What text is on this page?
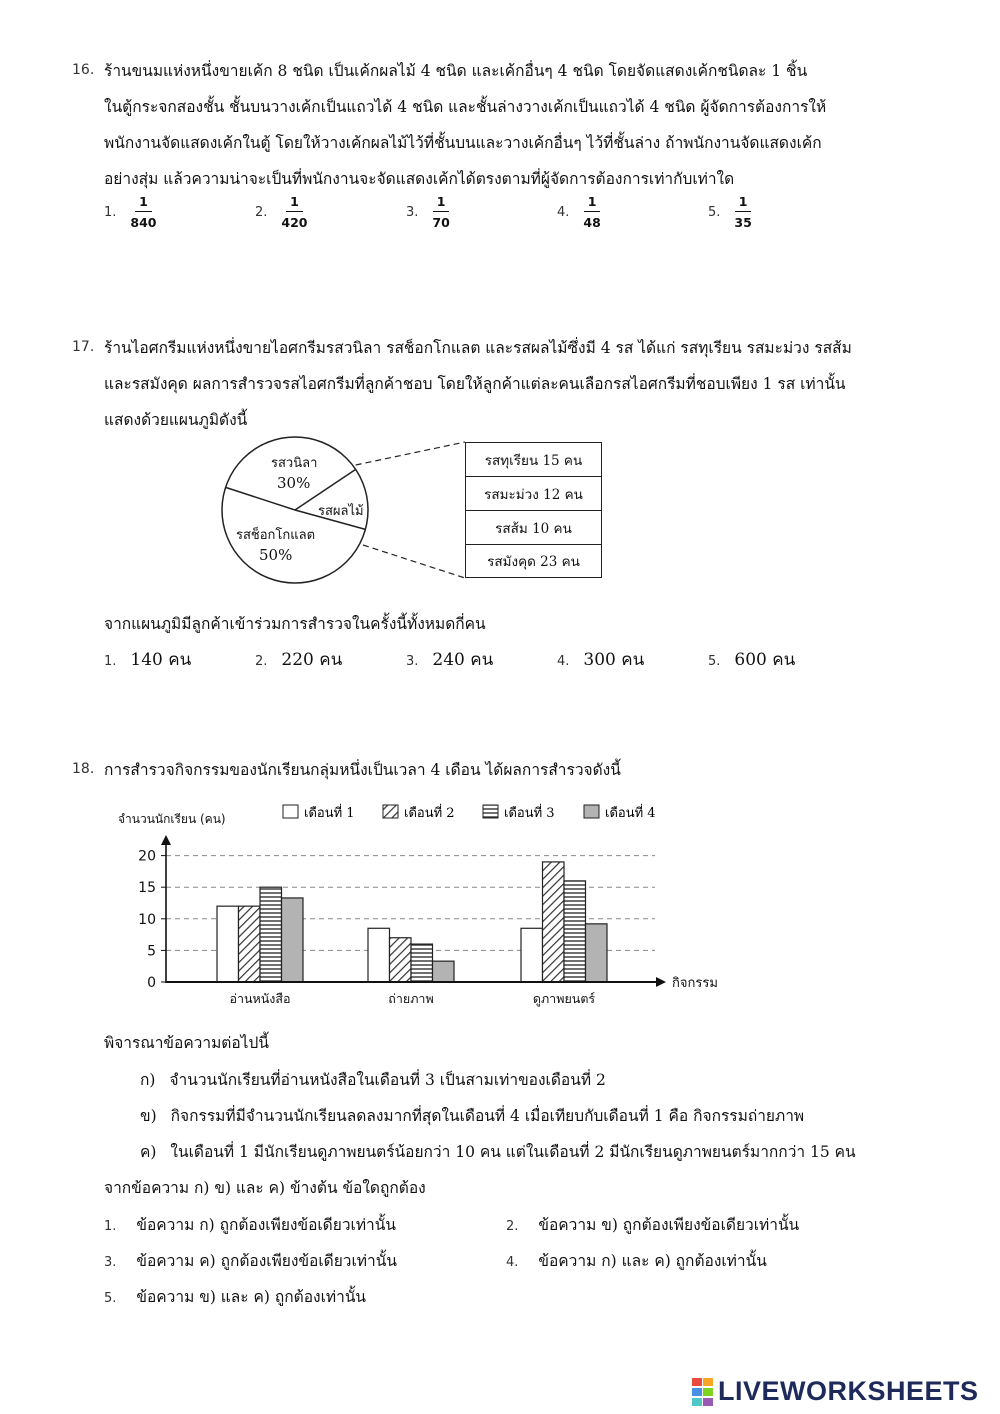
16. ร้านขนมแห่งหนึ่งขายเค้ก 8 ชนิด เป็นเค้กผลไม้ 4 ชนิด และเค้กอื่นๆ 4 ชนิด โดยจัดแสดงเค้กชนิดละ 1 ชิ้น
ในตู้กระจกสองชั้น ชั้นบนวางเค้กเป็นแถวได้ 4 ชนิด และชั้นล่างวางเค้กเป็นแถวได้ 4 ชนิด ผู้จัดการต้องการให้
พนักงานจัดแสดงเค้กในตู้ โดยให้วางเค้กผลไม้ไว้ที่ชั้นบนและวางเค้กอื่นๆ ไว้ที่ชั้นล่าง ถ้าพนักงานจัดแสดงเค้ก
อย่างสุ่ม แล้วความน่าจะเป็นที่พนักงานจะจัดแสดงเค้กได้ตรงตามที่ผู้จัดการต้องการเท่ากับเท่าใด
1. $\frac{1}{840}$	2. $\frac{1}{420}$	3. $\frac{1}{70}$	4. $\frac{1}{48}$	5. $\frac{1}{35}$
17. ร้านไอศกรีมแห่งหนึ่งขายไอศกรีมรสวนิลา รสช็อกโกแลต และรสผลไม้ซึ่งมี 4 รส ได้แก่ รสทุเรียน รสมะม่วง รสส้ม
และรสมังคุด ผลการสำรวจรสไอศกรีมที่ลูกค้าชอบ โดยให้ลูกค้าแต่ละคนเลือกรสไอศกรีมที่ชอบเพียง 1 รส เท่านั้น
แสดงด้วยแผนภูมิดังนี้
รสวนิลา
30%
รสผลไม้
รสช็อกโกแลต
50%
รสทุเรียน 15 คน
รสมะม่วง 12 คน
รสส้ม 10 คน
รสมังคุด 23 คน
จากแผนภูมิมีลูกค้าเข้าร่วมการสำรวจในครั้งนี้ทั้งหมดกี่คน
1. 140 คน	2. 220 คน	3. 240 คน	4. 300 คน	5. 600 คน
18. การสำรวจกิจกรรมของนักเรียนกลุ่มหนึ่งเป็นเวลา 4 เดือน ได้ผลการสำรวจดังนี้
จำนวนนักเรียน (คน)
กิจกรรม
0
5
10
15
20
อ่านหนังสือ	ถ่ายภาพ	ดูภาพยนตร์
เดือนที่ 1	เดือนที่ 2	เดือนที่ 3	เดือนที่ 4
พิจารณาข้อความต่อไปนี้
ก) จำนวนนักเรียนที่อ่านหนังสือในเดือนที่ 3 เป็นสามเท่าของเดือนที่ 2
ข) กิจกรรมที่มีจำนวนนักเรียนลดลงมากที่สุดในเดือนที่ 4 เมื่อเทียบกับเดือนที่ 1 คือ กิจกรรมถ่ายภาพ
ค) ในเดือนที่ 1 มีนักเรียนดูภาพยนตร์น้อยกว่า 10 คน แต่ในเดือนที่ 2 มีนักเรียนดูภาพยนตร์มากกว่า 15 คน
จากข้อความ ก) ข) และ ค) ข้างต้น ข้อใดถูกต้อง
1. ข้อความ ก) ถูกต้องเพียงข้อเดียวเท่านั้น	2. ข้อความ ข) ถูกต้องเพียงข้อเดียวเท่านั้น
3. ข้อความ ค) ถูกต้องเพียงข้อเดียวเท่านั้น	4. ข้อความ ก) และ ค) ถูกต้องเท่านั้น
5. ข้อความ ข) และ ค) ถูกต้องเท่านั้น
LIVEWORKSHEETS
